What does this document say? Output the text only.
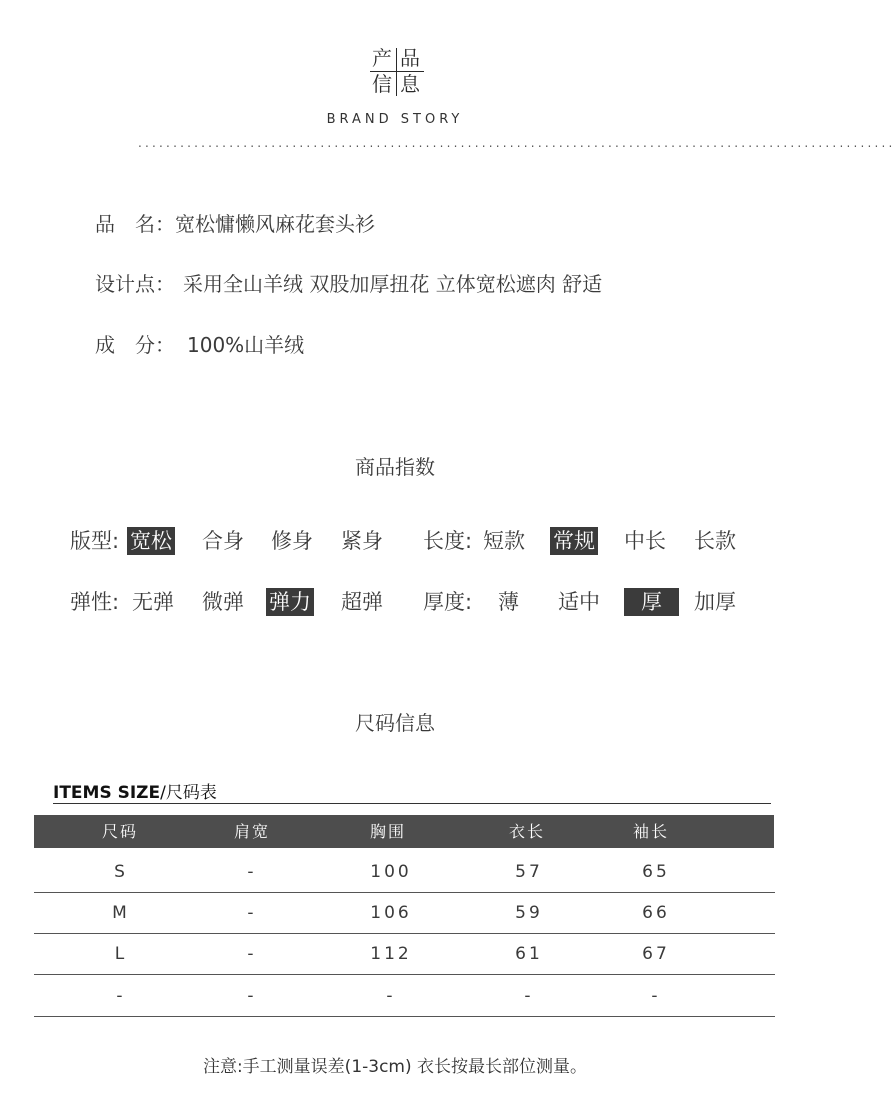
产 品
信 息
BRAND STORY
............................................................................................................
品　名：宽松慵懒风麻花套头衫
设计点： 采用全山羊绒 双股加厚扭花 立体宽松遮肉 舒适
成　分： 100%山羊绒
商品指数
版型: 宽松 合身 修身 紧身 长度: 短款 常规 中长 长款
弹性: 无弹 微弹 弹力 超弹 厚度: 薄 适中	厚	加厚
尺码信息
ITEMS SIZE/尺码表
尺码	肩宽	胸围	衣长	袖长
S	-	100	57	65
M	-	106	59	66
L	-	112	61	67
-	-	-	-	-
注意:手工测量误差(1-3cm) 衣长按最长部位测量。
